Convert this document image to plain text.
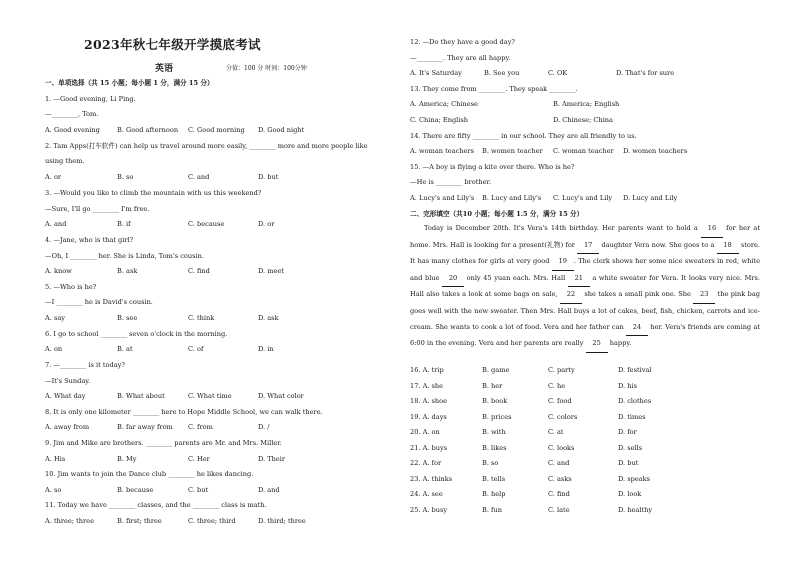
2023年秋七年级开学摸底考试
英语	分值：100 分 时间：100分钟
一、单项选择（共 15 小题；每小题 1 分，满分 15 分）
1. —Good evening, Li Ping.
—________, Tom.
A. Good evening	B. Good afternoon C. Good morning D. Good night
2. Tam Apps(打车软件) can help us travel around more easily, ________ more and more people like
using them.
A. or	B. so	C. and	D. but
3. —Would you like to climb the mountain with us this weekend?
—Sure, I'll go ________ I'm free.
A. and	B. if	C. because	D. or
4. —Jane, who is that girl?
—Oh, I ________ her. She is Linda, Tom's cousin.
A. know	B. ask	C. find	D. meet
5. —Who is he?
—I ________ he is David's cousin.
A. say	B. see	C. think	D. ask
6. I go to school ________ seven o'clock in the morning.
A. on	B. at	C. of	D. in
7. —________ is it today?
—It's Sunday.
A. What day	B. What about	C. What time	D. What color
8. It is only one kilometer ________ here to Hope Middle School, we can walk there.
A. away from	B. far away from C. from	D. /
9. Jim and Mike are brothers. ________ parents are Mr. and Mrs. Miller.
A. His	B. My	C. Her	D. Their
10. Jim wants to join the Dance club ________ he likes dancing.
A. so	B. because	C. but	D. and
11. Today we have ________ classes, and the ________ class is math.
A. three; three	B. first; three	C. three; third	D. third; three
12. —Do they have a good day?
—________. They are all happy.
A. It's Saturday	B. See you	C. OK	D. That's for sure
13. They come from ________. They speak ________.
A. America; Chinese	B. America; English
C. China; English	D. Chinese; China
14. There are fifty ________ in our school. They are all friendly to us.
A. woman teachers B. women teacher C. woman teacher D. women teachers
15. —A boy is flying a kite over there. Who is he?
—He is ________ brother.
A. Lucy's and Lily's B. Lucy and Lily's C. Lucy's and Lily D. Lucy and Lily
二、完形填空（共10 小题；每小题 1.5 分，满分 15 分）
Today is December 20th. It's Vera's 14th birthday. Her parents want to hold a 16 for her at home. Mrs. Hall is looking for a present(礼物) for 17 daughter Vera now. She goes to a 18 store. It has many clothes for girls at very good 19 . The clerk shows her some nice sweaters in red, white and blue 20 only 45 yuan each. Mrs. Hall 21 a white sweater for Vera. It looks very nice. Mrs. Hall also takes a look at some bags on sale, 22 she takes a small pink one. She 23 the pink bag goes well with the new sweater. Then Mrs. Hall buys a lot of cakes, beef, fish, chicken, carrots and ice-cream. She wants to cook a lot of food. Vera and her father can 24 her. Vera's friends are coming at 6:00 in the evening. Vera and her parents are really 25 happy.
16. A. trip	B. game	C. party	D. festival
17. A. she	B. her	C. he	D. his
18. A. shoe	B. book	C. food	D. clothes
19. A. days	B. prices	C. colors	D. times
20. A. on	B. with	C. at	D. for
21. A. buys	B. likes	C. looks	D. sells
22. A. for	B. so	C. and	D. but
23. A. thinks	B. tells	C. asks	D. speaks
24. A. see	B. help	C. find	D. look
25. A. busy	B. fun	C. late	D. healthy
